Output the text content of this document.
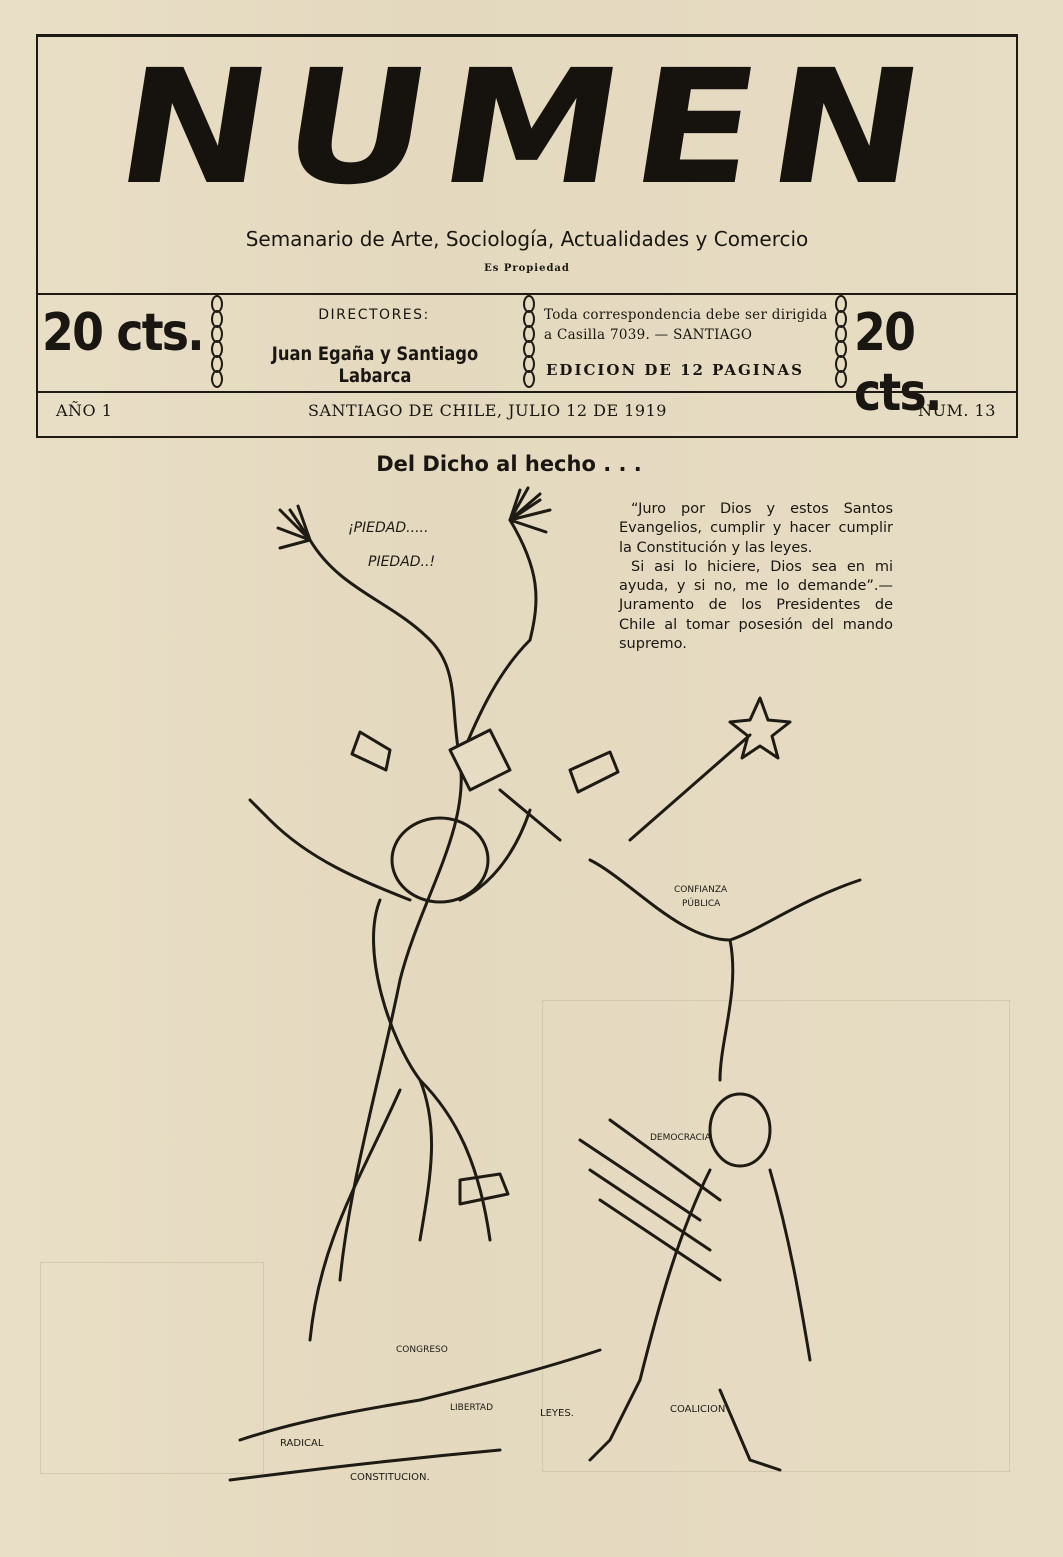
NUMEN
Semanario de Arte, Sociología, Actualidades y Comercio
Es Propiedad
20 cts.	DIRECTORES:
Juan Egaña y Santiago Labarca
Toda correspondencia debe ser dirigida a Casilla 7039. — SANTIAGO
EDICION DE 12 PAGINAS
20 cts.
AÑO 1	SANTIAGO DE CHILE, JULIO 12 DE 1919	NUM. 13
Del Dicho al hecho . . .

“Juro por Dios y estos Santos Evangelios, cumplir y hacer cumplir la Constitución y las leyes.

Si asi lo hiciere, Dios sea en mi ayuda, y si no, me lo demande”.—Juramento de los Presidentes de Chile al tomar posesión del mando supremo.

¡PIEDAD.....
PIEDAD..!
CONFIANZA
PÚBLICA
CONGRESO
LIBERTAD	LEYES.
RADICAL
CONSTITUCION.
COALICION
DEMOCRACIA
